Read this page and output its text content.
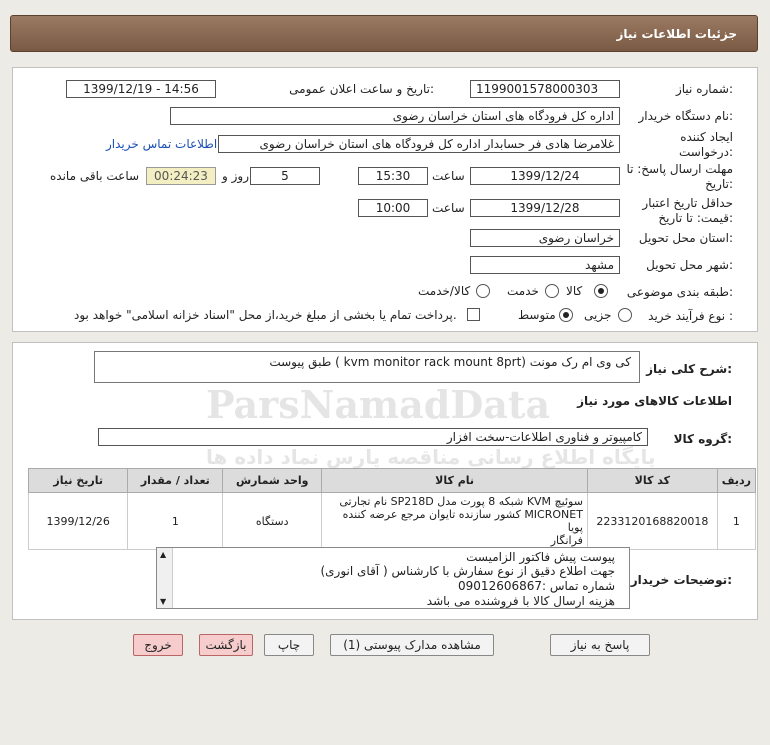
جزئیات اطلاعات نیاز
شماره نیاز:
1199001578000303
تاریخ و ساعت اعلان عمومی:
1399/12/19 - 14:56
نام دستگاه خریدار:
اداره کل فرودگاه های استان خراسان رضوی
ایجاد کننده درخواست:
غلامرضا هادی فر حسابدار اداره کل فرودگاه های استان خراسان رضوی
اطلاعات تماس خریدار
مهلت ارسال پاسخ: تا تاریخ:
1399/12/24
ساعت
15:30
5
روز و
00:24:23
ساعت باقی مانده
حداقل تاریخ اعتبار قیمت: تا تاریخ:
1399/12/28
ساعت
10:00
استان محل تحویل:
خراسان رضوی
شهر محل تحویل:
مشهد
طبقه بندی موضوعی:
کالا
خدمت
کالا/خدمت
نوع فرآیند خرید :
جزیی
متوسط
پرداخت تمام یا بخشی از مبلغ خرید،از محل "اسناد خزانه اسلامی" خواهد بود.
شرح کلی نیاز:
کی وی ام رک مونت (kvm monitor rack mount 8prt ) طبق پیوست
اطلاعات کالاهای مورد نیاز
گروه کالا:
کامپیوتر و فناوری اطلاعات-سخت افزار
تاریخ نیاز	تعداد / مقدار	واحد شمارش	نام کالا	کد کالا	ردیف
1399/12/26	1	دستگاه	سوئیچ KVM شبکه 8 پورت مدل SP218D نام تجارتی
MICRONET کشور سازنده تایوان مرجع عرضه کننده پویا
فرانگار	2233120168820018	1
توضیحات خریدار:
▲
▼
پیوست پیش فاکتور الزامیست
جهت اطلاع دقیق از نوع سفارش با کارشناس ( آقای انوری)
شماره تماس :09012606867
هزینه ارسال کالا با فروشنده می باشد
پاسخ به نیاز
مشاهده مدارک پیوستی (1)
چاپ
بازگشت
خروج
ParsNamadData
پایگاه اطلاع رسانی مناقصه پارس نماد داده ها
